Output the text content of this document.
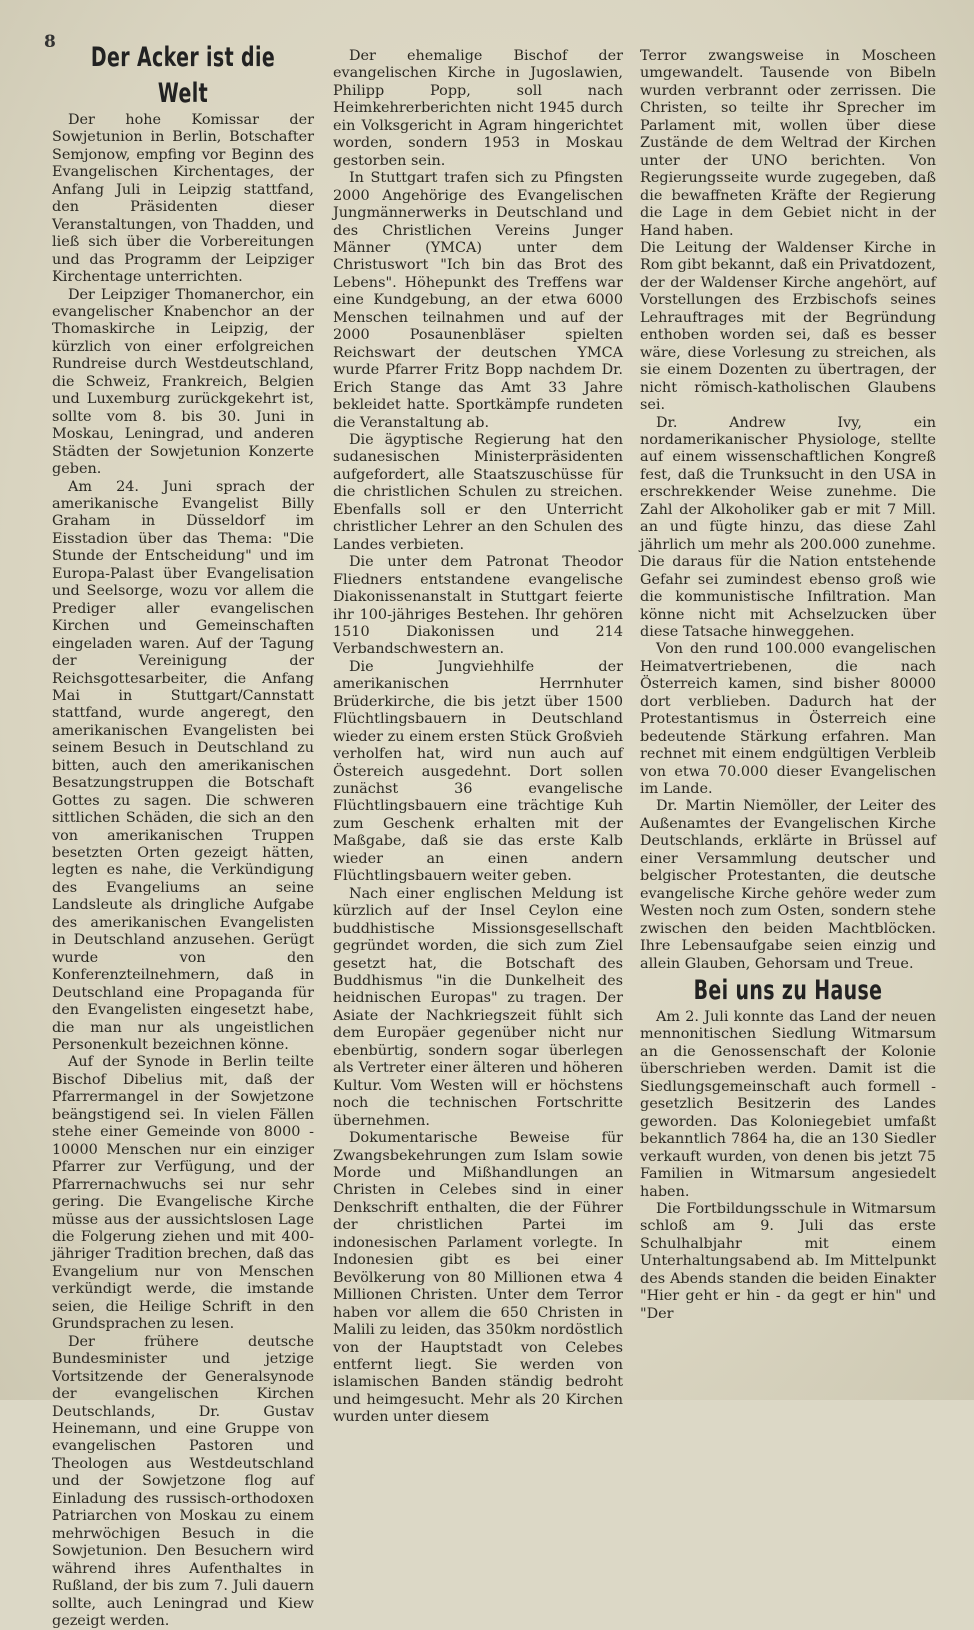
8	Der Acker ist die Welt

Der hohe Komissar der Sowjetunion in Berlin, Botschafter Semjonow, empfing vor Beginn des Evangelischen Kirchentages, der Anfang Juli in Leipzig stattfand, den Präsidenten dieser Veranstaltungen, von Thadden, und ließ sich über die Vorbereitungen und das Programm der Leipziger Kirchentage unterrichten.

Der Leipziger Thomanerchor, ein evangelischer Knabenchor an der Thomaskirche in Leipzig, der kürzlich von einer erfolgreichen Rundreise durch Westdeutschland, die Schweiz, Frankreich, Belgien und Luxemburg zurückgekehrt ist, sollte vom 8. bis 30. Juni in Moskau, Leningrad, und anderen Städten der Sowjetunion Konzerte geben.

Am 24. Juni sprach der amerikanische Evangelist Billy Graham in Düsseldorf im Eisstadion über das Thema: "Die Stunde der Entscheidung" und im Europa-Palast über Evangelisation und Seelsorge, wozu vor allem die Prediger aller evangelischen Kirchen und Gemeinschaften eingeladen waren. Auf der Tagung der Vereinigung der Reichsgottesarbeiter, die Anfang Mai in Stuttgart/Cannstatt stattfand, wurde angeregt, den amerikanischen Evangelisten bei seinem Besuch in Deutschland zu bitten, auch den amerikanischen Besatzungstruppen die Botschaft Gottes zu sagen. Die schweren sittlichen Schäden, die sich an den von amerikanischen Truppen besetzten Orten gezeigt hätten, legten es nahe, die Verkündigung des Evangeliums an seine Landsleute als dringliche Aufgabe des amerikanischen Evangelisten in Deutschland anzusehen. Gerügt wurde von den Konferenzteilnehmern, daß in Deutschland eine Propaganda für den Evangelisten eingesetzt habe, die man nur als ungeistlichen Personenkult bezeichnen könne.

Auf der Synode in Berlin teilte Bischof Dibelius mit, daß der Pfarrermangel in der Sowjetzone beängstigend sei. In vielen Fällen stehe einer Gemeinde von 8000 - 10000 Menschen nur ein einziger Pfarrer zur Verfügung, und der Pfarrernachwuchs sei nur sehr gering. Die Evangelische Kirche müsse aus der aussichtslosen Lage die Folgerung ziehen und mit 400-jähriger Tradition brechen, daß das Evangelium nur von Menschen verkündigt werde, die imstande seien, die Heilige Schrift in den Grundsprachen zu lesen.

Der frühere deutsche Bundesminister und jetzige Vortsitzende der Generalsynode der evangelischen Kirchen Deutschlands, Dr. Gustav Heinemann, und eine Gruppe von evangelischen Pastoren und Theologen aus Westdeutschland und der Sowjetzone flog auf Einladung des russisch-orthodoxen Patriarchen von Moskau zu einem mehrwöchigen Besuch in die Sowjetunion. Den Besuchern wird während ihres Aufenthaltes in Rußland, der bis zum 7. Juli dauern sollte, auch Leningrad und Kiew gezeigt werden.

Der ehemalige Bischof der evangelischen Kirche in Jugoslawien, Philipp Popp, soll nach Heimkehrerberichten nicht 1945 durch ein Volksgericht in Agram hingerichtet worden, sondern 1953 in Moskau gestorben sein.

In Stuttgart trafen sich zu Pfingsten 2000 Angehörige des Evangelischen Jungmännerwerks in Deutschland und des Christlichen Vereins Junger Männer (YMCA) unter dem Christuswort "Ich bin das Brot des Lebens". Höhepunkt des Treffens war eine Kundgebung, an der etwa 6000 Menschen teilnahmen und auf der 2000 Posaunenbläser spielten Reichswart der deutschen YMCA wurde Pfarrer Fritz Bopp nachdem Dr. Erich Stange das Amt 33 Jahre bekleidet hatte. Sportkämpfe rundeten die Veranstaltung ab.

Die ägyptische Regierung hat den sudanesischen Ministerpräsidenten aufgefordert, alle Staatszuschüsse für die christlichen Schulen zu streichen. Ebenfalls soll er den Unterricht christlicher Lehrer an den Schulen des Landes verbieten.

Die unter dem Patronat Theodor Fliedners entstandene evangelische Diakonissenanstalt in Stuttgart feierte ihr 100-jähriges Bestehen. Ihr gehören 1510 Diakonissen und 214 Verbandschwestern an.

Die Jungviehhilfe der amerikanischen Herrnhuter Brüderkirche, die bis jetzt über 1500 Flüchtlingsbauern in Deutschland wieder zu einem ersten Stück Großvieh verholfen hat, wird nun auch auf Östereich ausgedehnt. Dort sollen zunächst 36 evangelische Flüchtlingsbauern eine trächtige Kuh zum Geschenk erhalten mit der Maßgabe, daß sie das erste Kalb wieder an einen andern Flüchtlingsbauern weiter geben.

Nach einer englischen Meldung ist kürzlich auf der Insel Ceylon eine buddhistische Missionsgesellschaft gegründet worden, die sich zum Ziel gesetzt hat, die Botschaft des Buddhismus "in die Dunkelheit des heidnischen Europas" zu tragen. Der Asiate der Nachkriegszeit fühlt sich dem Europäer gegenüber nicht nur ebenbürtig, sondern sogar überlegen als Vertreter einer älteren und höheren Kultur. Vom Westen will er höchstens noch die technischen Fortschritte übernehmen.

Dokumentarische Beweise für Zwangsbekehrungen zum Islam sowie Morde und Mißhandlungen an Christen in Celebes sind in einer Denkschrift enthalten, die der Führer der christlichen Partei im indonesischen Parlament vorlegte. In Indonesien gibt es bei einer Bevölkerung von 80 Millionen etwa 4 Millionen Christen. Unter dem Terror haben vor allem die 650 Christen in Malili zu leiden, das 350km nordöstlich von der Hauptstadt von Celebes entfernt liegt. Sie werden von islamischen Banden ständig bedroht und heimgesucht. Mehr als 20 Kirchen wurden unter diesem

Terror zwangsweise in Moscheen umgewandelt. Tausende von Bibeln wurden verbrannt oder zerrissen. Die Christen, so teilte ihr Sprecher im Parlament mit, wollen über diese Zustände de dem Weltrad der Kirchen unter der UNO berichten. Von Regierungsseite wurde zugegeben, daß die bewaffneten Kräfte der Regierung die Lage in dem Gebiet nicht in der Hand haben.

Die Leitung der Waldenser Kirche in Rom gibt bekannt, daß ein Privatdozent, der der Waldenser Kirche angehört, auf Vorstellungen des Erzbischofs seines Lehrauftrages mit der Begründung enthoben worden sei, daß es besser wäre, diese Vorlesung zu streichen, als sie einem Dozenten zu übertragen, der nicht römisch-katholischen Glaubens sei.

Dr. Andrew Ivy, ein nordamerikanischer Physiologe, stellte auf einem wissenschaftlichen Kongreß fest, daß die Trunksucht in den USA in erschrekkender Weise zunehme. Die Zahl der Alkoholiker gab er mit 7 Mill. an und fügte hinzu, das diese Zahl jährlich um mehr als 200.000 zunehme. Die daraus für die Nation entstehende Gefahr sei zumindest ebenso groß wie die kommunistische Infiltration. Man könne nicht mit Achselzucken über diese Tatsache hinweggehen.

Von den rund 100.000 evangelischen Heimatvertriebenen, die nach Österreich kamen, sind bisher 80000 dort verblieben. Dadurch hat der Protestantismus in Österreich eine bedeutende Stärkung erfahren. Man rechnet mit einem endgültigen Verbleib von etwa 70.000 dieser Evangelischen im Lande.

Dr. Martin Niemöller, der Leiter des Außenamtes der Evangelischen Kirche Deutschlands, erklärte in Brüssel auf einer Versammlung deutscher und belgischer Protestanten, die deutsche evangelische Kirche gehöre weder zum Westen noch zum Osten, sondern stehe zwischen den beiden Machtblöcken. Ihre Lebensaufgabe seien einzig und allein Glauben, Gehorsam und Treue.

Bei uns zu Hause

Am 2. Juli konnte das Land der neuen mennonitischen Siedlung Witmarsum an die Genossenschaft der Kolonie überschrieben werden. Damit ist die Siedlungsgemeinschaft auch formell - gesetzlich Besitzerin des Landes geworden. Das Koloniegebiet umfaßt bekanntlich 7864 ha, die an 130 Siedler verkauft wurden, von denen bis jetzt 75 Familien in Witmarsum angesiedelt haben.

Die Fortbildungsschule in Witmarsum schloß am 9. Juli das erste Schulhalbjahr mit einem Unterhaltungsabend ab. Im Mittelpunkt des Abends standen die beiden Einakter "Hier geht er hin - da gegt er hin" und "Der
